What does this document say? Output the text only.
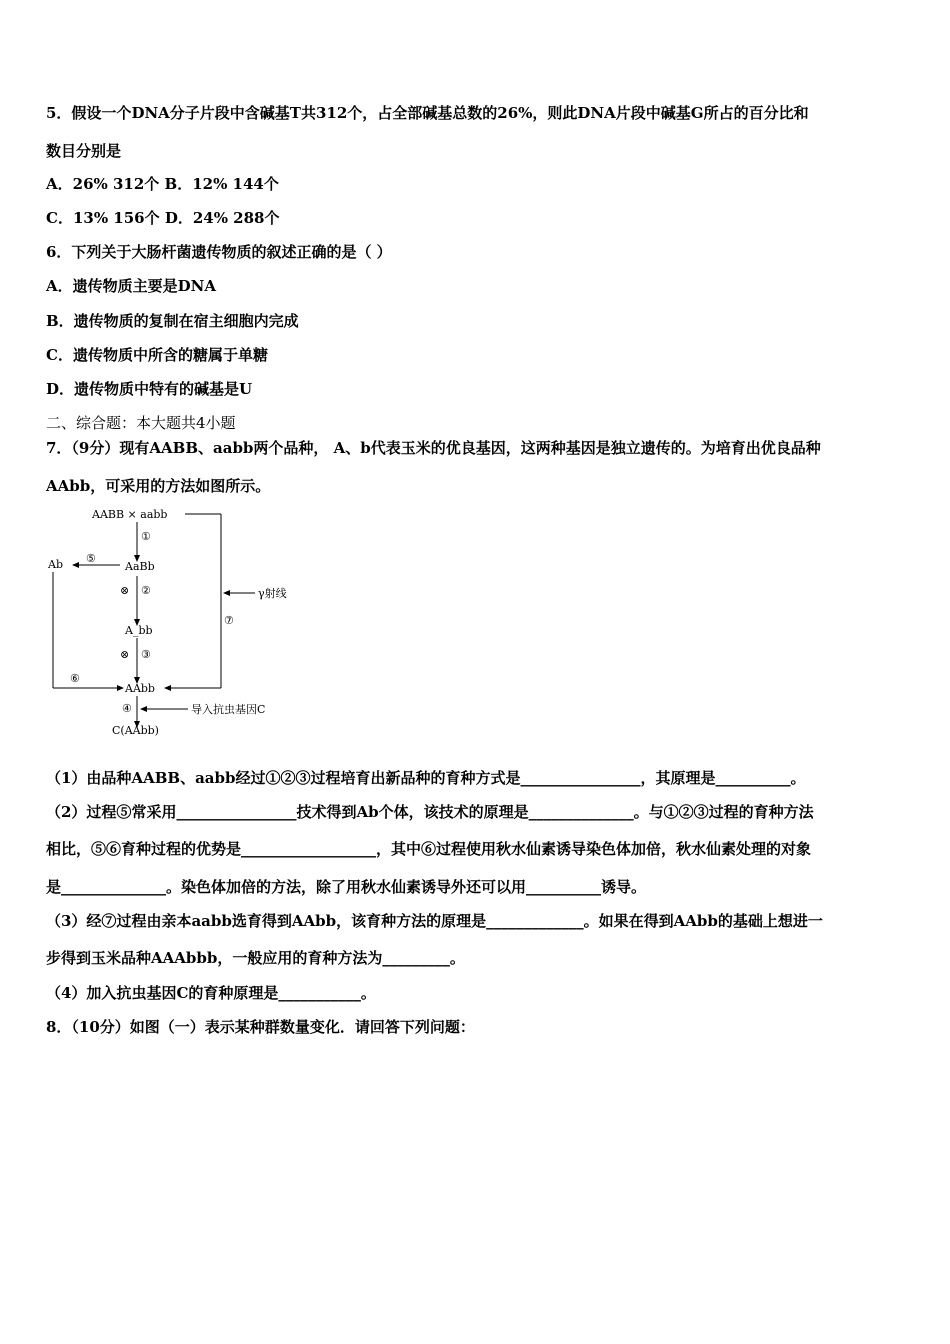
5．假设一个DNA分子片段中含碱基T共312个，占全部碱基总数的26%，则此DNA片段中碱基G所占的百分比和
数目分别是
A．26% 312个 B．12% 144个
C．13% 156个 D．24% 288个
6．下列关于大肠杆菌遗传物质的叙述正确的是（ ）
A．遗传物质主要是DNA
B．遗传物质的复制在宿主细胞内完成
C．遗传物质中所含的糖属于单糖
D．遗传物质中特有的碱基是U
二、综合题：本大题共4小题
7．（9分）现有AABB、aabb两个品种， A、b代表玉米的优良基因，这两种基因是独立遗传的。为培育出优良品种
AAbb，可采用的方法如图所示。
AABB × aabb
①
AaBb
Ab ⑤
⊗ ②
A_bb
⊗ ③
⑥
AAbb
⑦
γ射线
④	导入抗虫基因C
C(AAbb)
（1）由品种AABB、aabb经过①②③过程培育出新品种的育种方式是________________，其原理是__________。
（2）过程⑤常采用________________技术得到Ab个体，该技术的原理是______________。与①②③过程的育种方法
相比，⑤⑥育种过程的优势是__________________，其中⑥过程使用秋水仙素诱导染色体加倍，秋水仙素处理的对象
是______________。染色体加倍的方法，除了用秋水仙素诱导外还可以用__________诱导。
（3）经⑦过程由亲本aabb选育得到AAbb，该育种方法的原理是_____________。如果在得到AAbb的基础上想进一
步得到玉米品种AAAbbb，一般应用的育种方法为_________。
（4）加入抗虫基因C的育种原理是___________。
8．（10分）如图（一）表示某种群数量变化．请回答下列问题：
